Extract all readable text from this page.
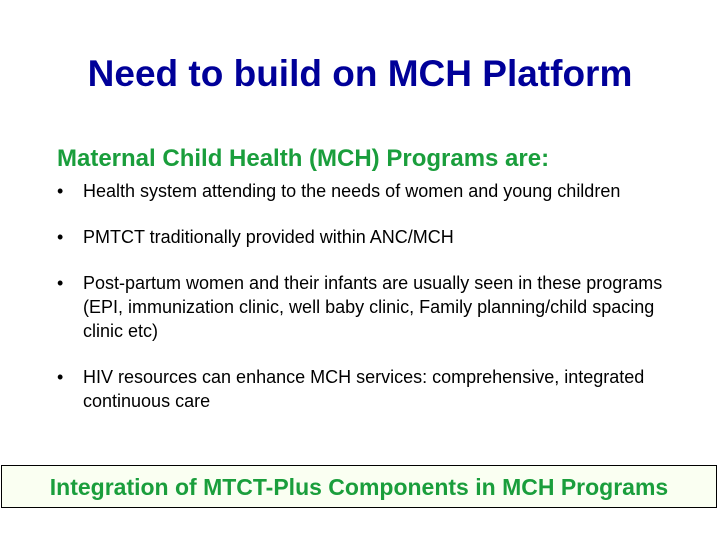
Need to build on MCH Platform
Maternal Child Health (MCH) Programs are:
•	Health system attending to the needs of women and young children
•	PMTCT traditionally provided within ANC/MCH
•	Post-partum women and their infants are usually seen in these programs (EPI, immunization clinic, well baby clinic, Family planning/child spacing clinic etc)
•	HIV resources can enhance MCH services: comprehensive, integrated continuous care
Integration of MTCT-Plus Components in MCH Programs
